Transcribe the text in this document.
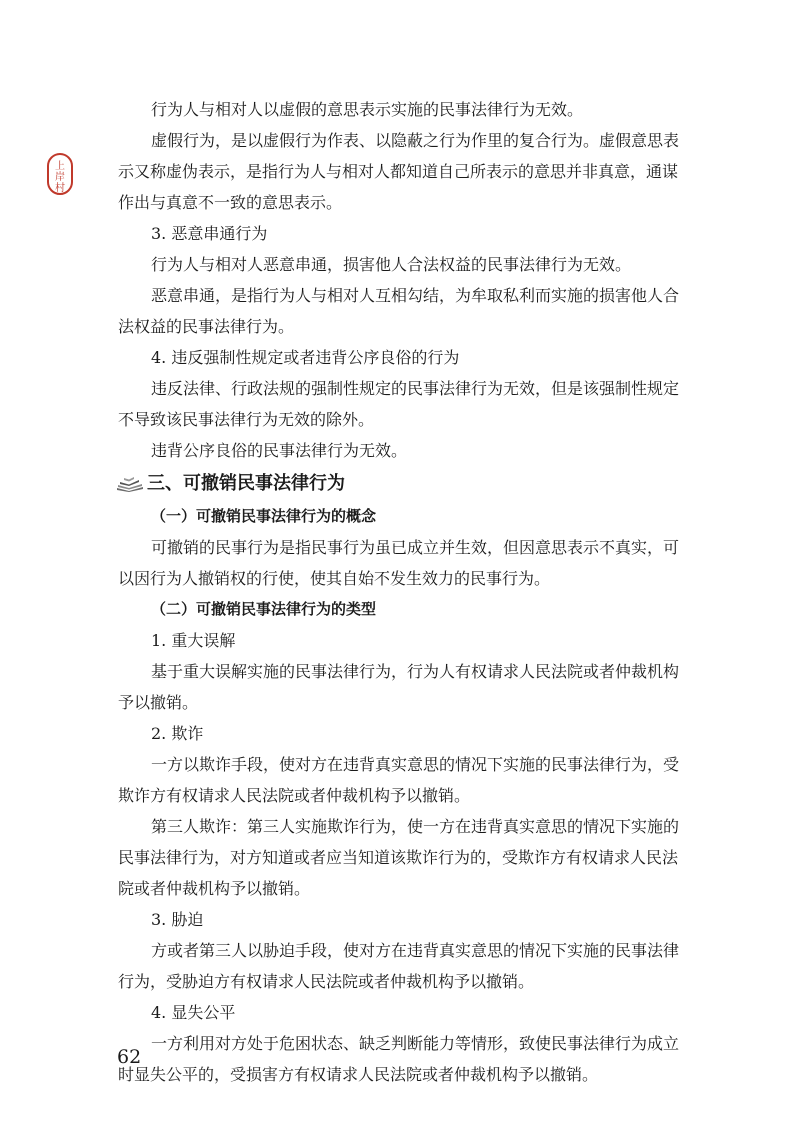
上
岸
村
行为人与相对人以虚假的意思表示实施的民事法律行为无效。
虚假行为，是以虚假行为作表、以隐蔽之行为作里的复合行为。虚假意思表
示又称虚伪表示，是指行为人与相对人都知道自己所表示的意思并非真意，通谋
作出与真意不一致的意思表示。
3. 恶意串通行为
行为人与相对人恶意串通，损害他人合法权益的民事法律行为无效。
恶意串通，是指行为人与相对人互相勾结，为牟取私利而实施的损害他人合
法权益的民事法律行为。
4. 违反强制性规定或者违背公序良俗的行为
违反法律、行政法规的强制性规定的民事法律行为无效，但是该强制性规定
不导致该民事法律行为无效的除外。
违背公序良俗的民事法律行为无效。
三、可撤销民事法律行为
（一）可撤销民事法律行为的概念
可撤销的民事行为是指民事行为虽已成立并生效，但因意思表示不真实，可
以因行为人撤销权的行使，使其自始不发生效力的民事行为。
（二）可撤销民事法律行为的类型
1. 重大误解
基于重大误解实施的民事法律行为，行为人有权请求人民法院或者仲裁机构
予以撤销。
2. 欺诈
一方以欺诈手段，使对方在违背真实意思的情况下实施的民事法律行为，受
欺诈方有权请求人民法院或者仲裁机构予以撤销。
第三人欺诈：第三人实施欺诈行为，使一方在违背真实意思的情况下实施的
民事法律行为，对方知道或者应当知道该欺诈行为的，受欺诈方有权请求人民法
院或者仲裁机构予以撤销。
3. 胁迫
方或者第三人以胁迫手段，使对方在违背真实意思的情况下实施的民事法律
行为，受胁迫方有权请求人民法院或者仲裁机构予以撤销。
4. 显失公平
一方利用对方处于危困状态、缺乏判断能力等情形，致使民事法律行为成立
时显失公平的，受损害方有权请求人民法院或者仲裁机构予以撤销。
62
